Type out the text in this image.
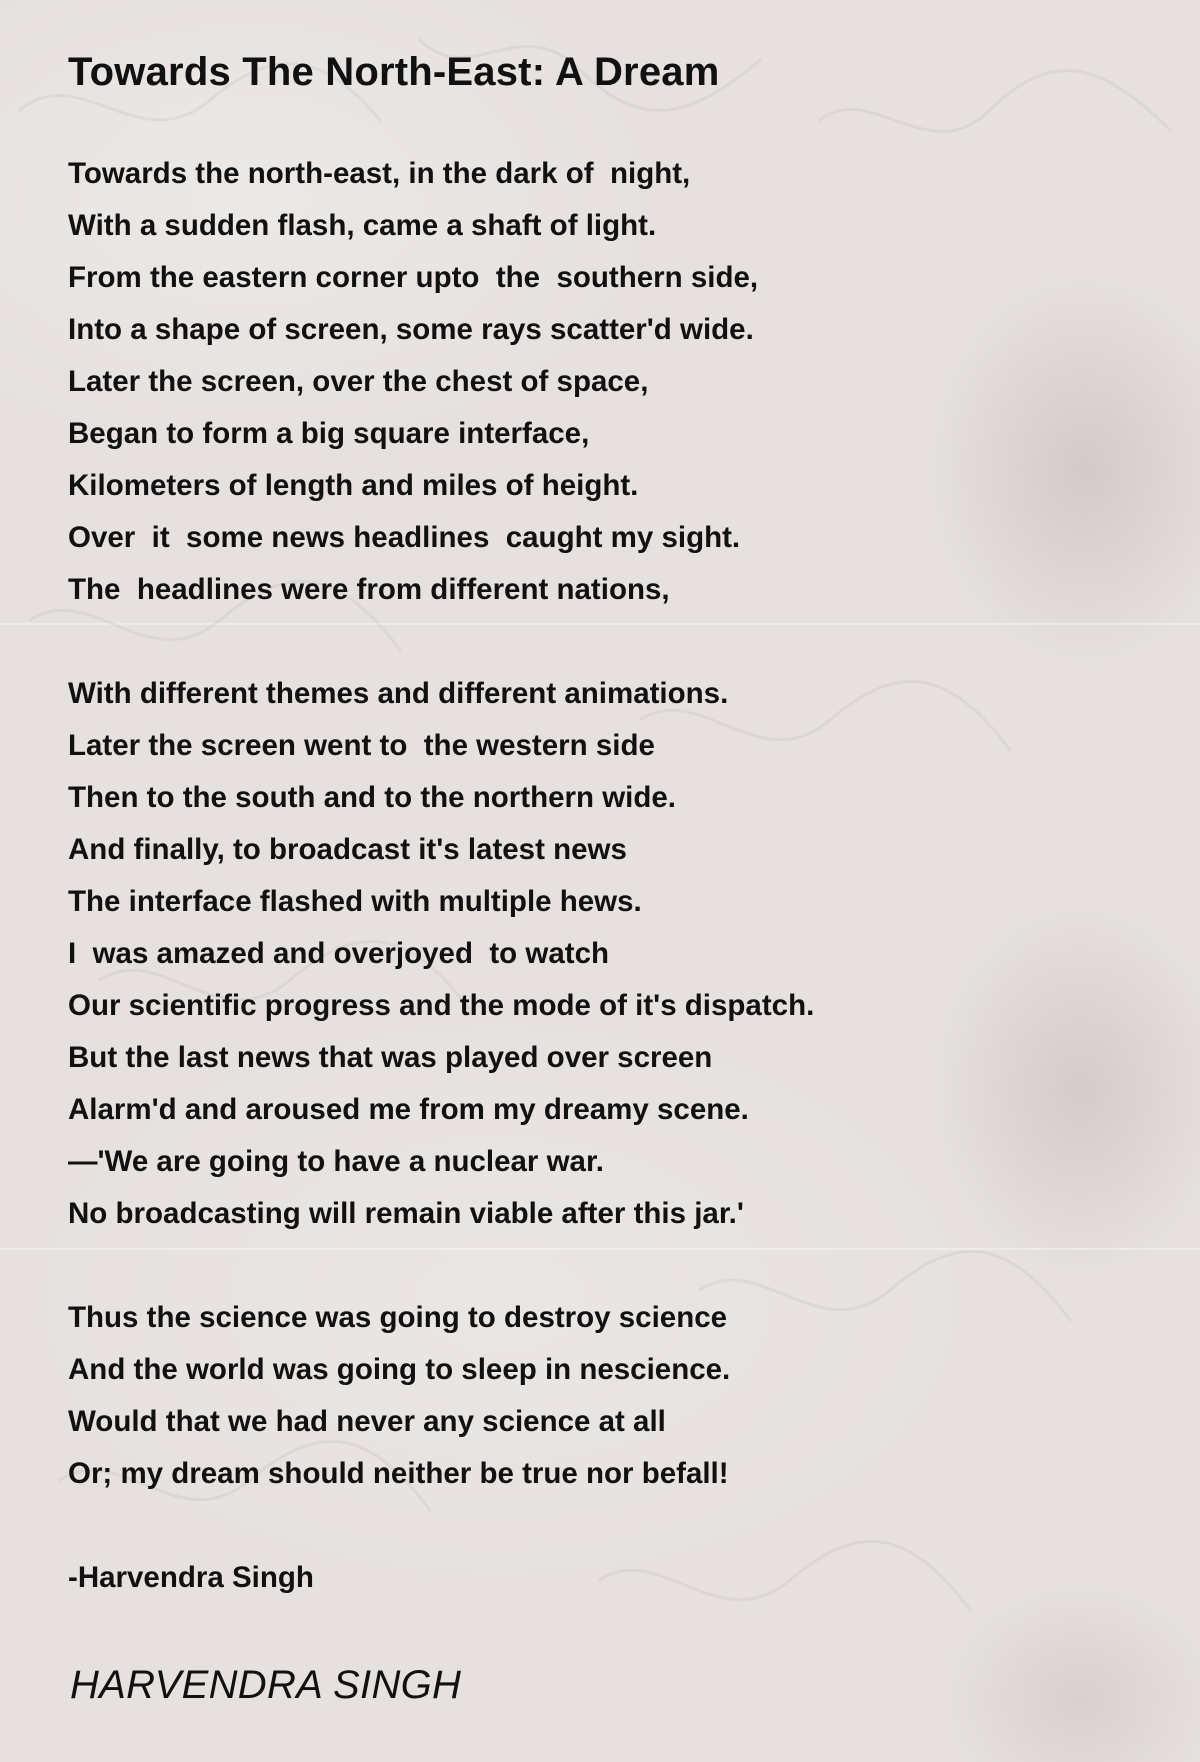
Towards The North-East: A Dream
Towards the north-east, in the dark of  night,
With a sudden flash, came a shaft of light.
From the eastern corner upto  the  southern side,
Into a shape of screen, some rays scatter'd wide.
Later the screen, over the chest of space,
Began to form a big square interface,
Kilometers of length and miles of height.
Over  it  some news headlines  caught my sight.
The  headlines were from different nations,
With different themes and different animations.
Later the screen went to  the western side
Then to the south and to the northern wide.
And finally, to broadcast it's latest news
The interface flashed with multiple hews.
I  was amazed and overjoyed  to watch
Our scientific progress and the mode of it's dispatch.
But the last news that was played over screen
Alarm'd and aroused me from my dreamy scene.
—'We are going to have a nuclear war.
No broadcasting will remain viable after this jar.'
Thus the science was going to destroy science
And the world was going to sleep in nescience.
Would that we had never any science at all
Or; my dream should neither be true nor befall!
-Harvendra Singh
HARVENDRA SINGH
